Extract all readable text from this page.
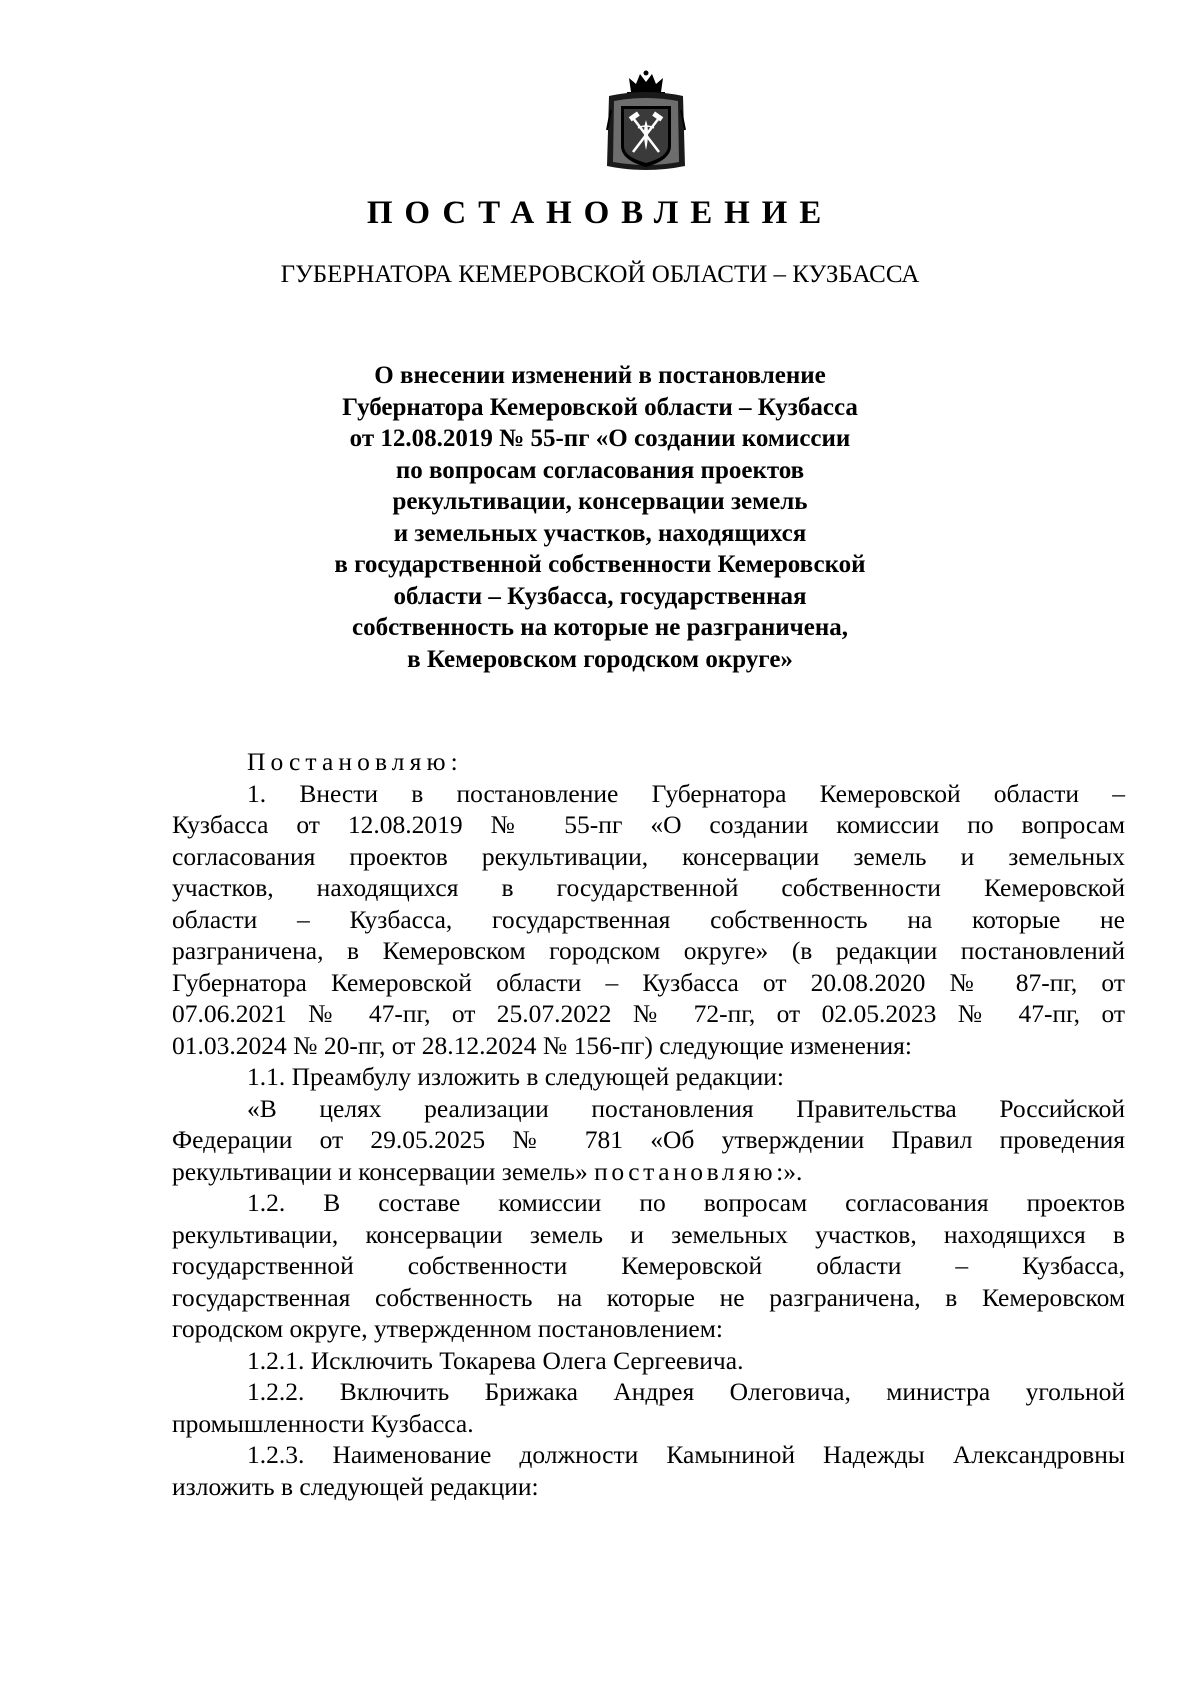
ПОСТАНОВЛЕНИЕ
ГУБЕРНАТОРА КЕМЕРОВСКОЙ ОБЛАСТИ – КУЗБАССА
О внесении изменений в постановление
Губернатора Кемеровской области – Кузбасса
от 12.08.2019 № 55-пг «О создании комиссии
по вопросам согласования проектов
рекультивации, консервации земель
и земельных участков, находящихся
в государственной собственности Кемеровской
области – Кузбасса, государственная
собственность на которые не разграничена,
в Кемеровском городском округе»
Постановляю:
1. Внести в постановление Губернатора Кемеровской области –
Кузбасса от 12.08.2019 № 55-пг «О создании комиссии по вопросам
согласования проектов рекультивации, консервации земель и земельных
участков, находящихся в государственной собственности Кемеровской
области – Кузбасса, государственная собственность на которые не
разграничена, в Кемеровском городском округе» (в редакции постановлений
Губернатора Кемеровской области – Кузбасса от 20.08.2020 № 87-пг, от
07.06.2021 № 47-пг, от 25.07.2022 № 72-пг, от 02.05.2023 № 47-пг, от
01.03.2024 № 20-пг, от 28.12.2024 № 156-пг) следующие изменения:
1.1. Преамбулу изложить в следующей редакции:
«В целях реализации постановления Правительства Российской
Федерации от 29.05.2025 № 781 «Об утверждении Правил проведения
рекультивации и консервации земель» постановляю:».
1.2. В составе комиссии по вопросам согласования проектов
рекультивации, консервации земель и земельных участков, находящихся в
государственной собственности Кемеровской области – Кузбасса,
государственная собственность на которые не разграничена, в Кемеровском
городском округе, утвержденном постановлением:
1.2.1. Исключить Токарева Олега Сергеевича.
1.2.2. Включить Брижака Андрея Олеговича, министра угольной
промышленности Кузбасса.
1.2.3. Наименование должности Камыниной Надежды Александровны
изложить в следующей редакции:
